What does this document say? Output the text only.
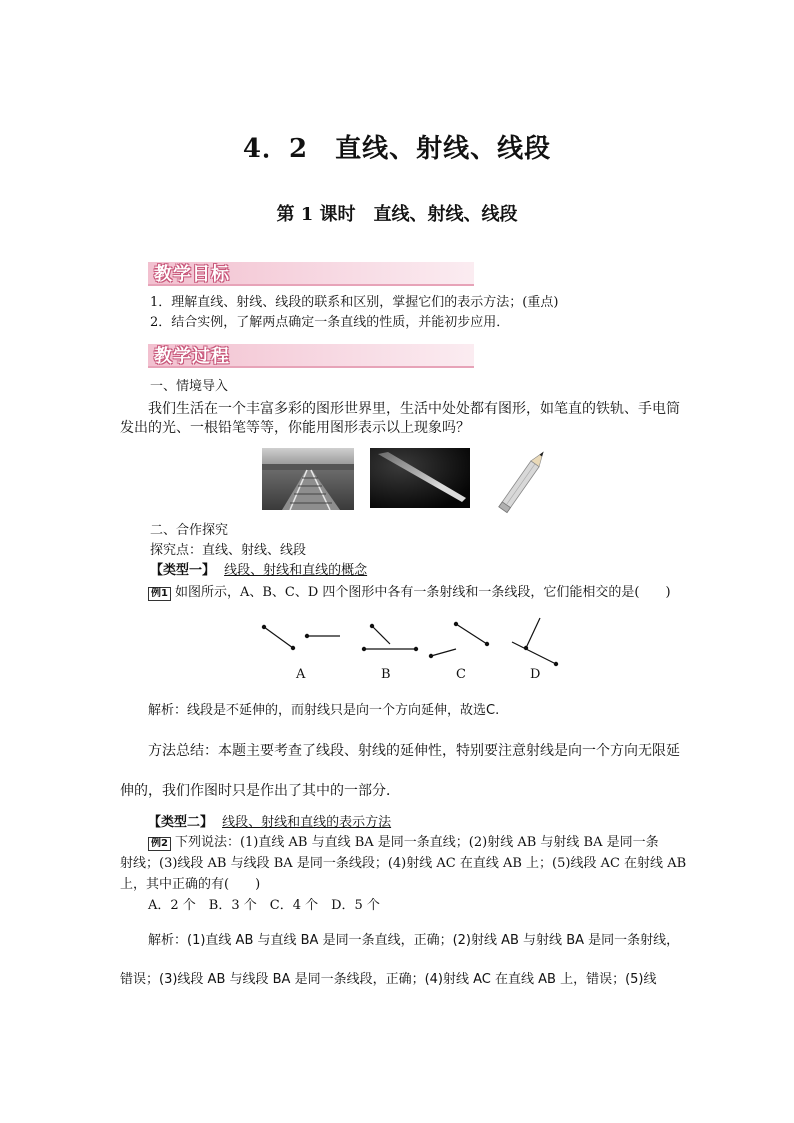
4．2　直线、射线、线段
第 1 课时　直线、射线、线段
教学目标
1．理解直线、射线、线段的联系和区别，掌握它们的表示方法；(重点)
2．结合实例，了解两点确定一条直线的性质，并能初步应用．
教学过程
一、情境导入
我们生活在一个丰富多彩的图形世界里，生活中处处都有图形，如笔直的铁轨、手电筒
发出的光、一根铅笔等等，你能用图形表示以上现象吗？
二、合作探究
探究点：直线、射线、线段
【类型一】 线段、射线和直线的概念
例1 如图所示，A、B、C、D 四个图形中各有一条射线和一条线段，它们能相交的是(　　)
A	B	C	D
解析：线段是不延伸的，而射线只是向一个方向延伸，故选C.
方法总结：本题主要考查了线段、射线的延伸性，特别要注意射线是向一个方向无限延
伸的，我们作图时只是作出了其中的一部分．
【类型二】 线段、射线和直线的表示方法
例2 下列说法：(1)直线 AB 与直线 BA 是同一条直线；(2)射线 AB 与射线 BA 是同一条
射线；(3)线段 AB 与线段 BA 是同一条线段；(4)射线 AC 在直线 AB 上；(5)线段 AC 在射线 AB
上，其中正确的有(　　)
A．2 个　B．3 个　C．4 个　D．5 个
解析：(1)直线 AB 与直线 BA 是同一条直线，正确；(2)射线 AB 与射线 BA 是同一条射线，
错误；(3)线段 AB 与线段 BA 是同一条线段，正确；(4)射线 AC 在直线 AB 上，错误；(5)线
